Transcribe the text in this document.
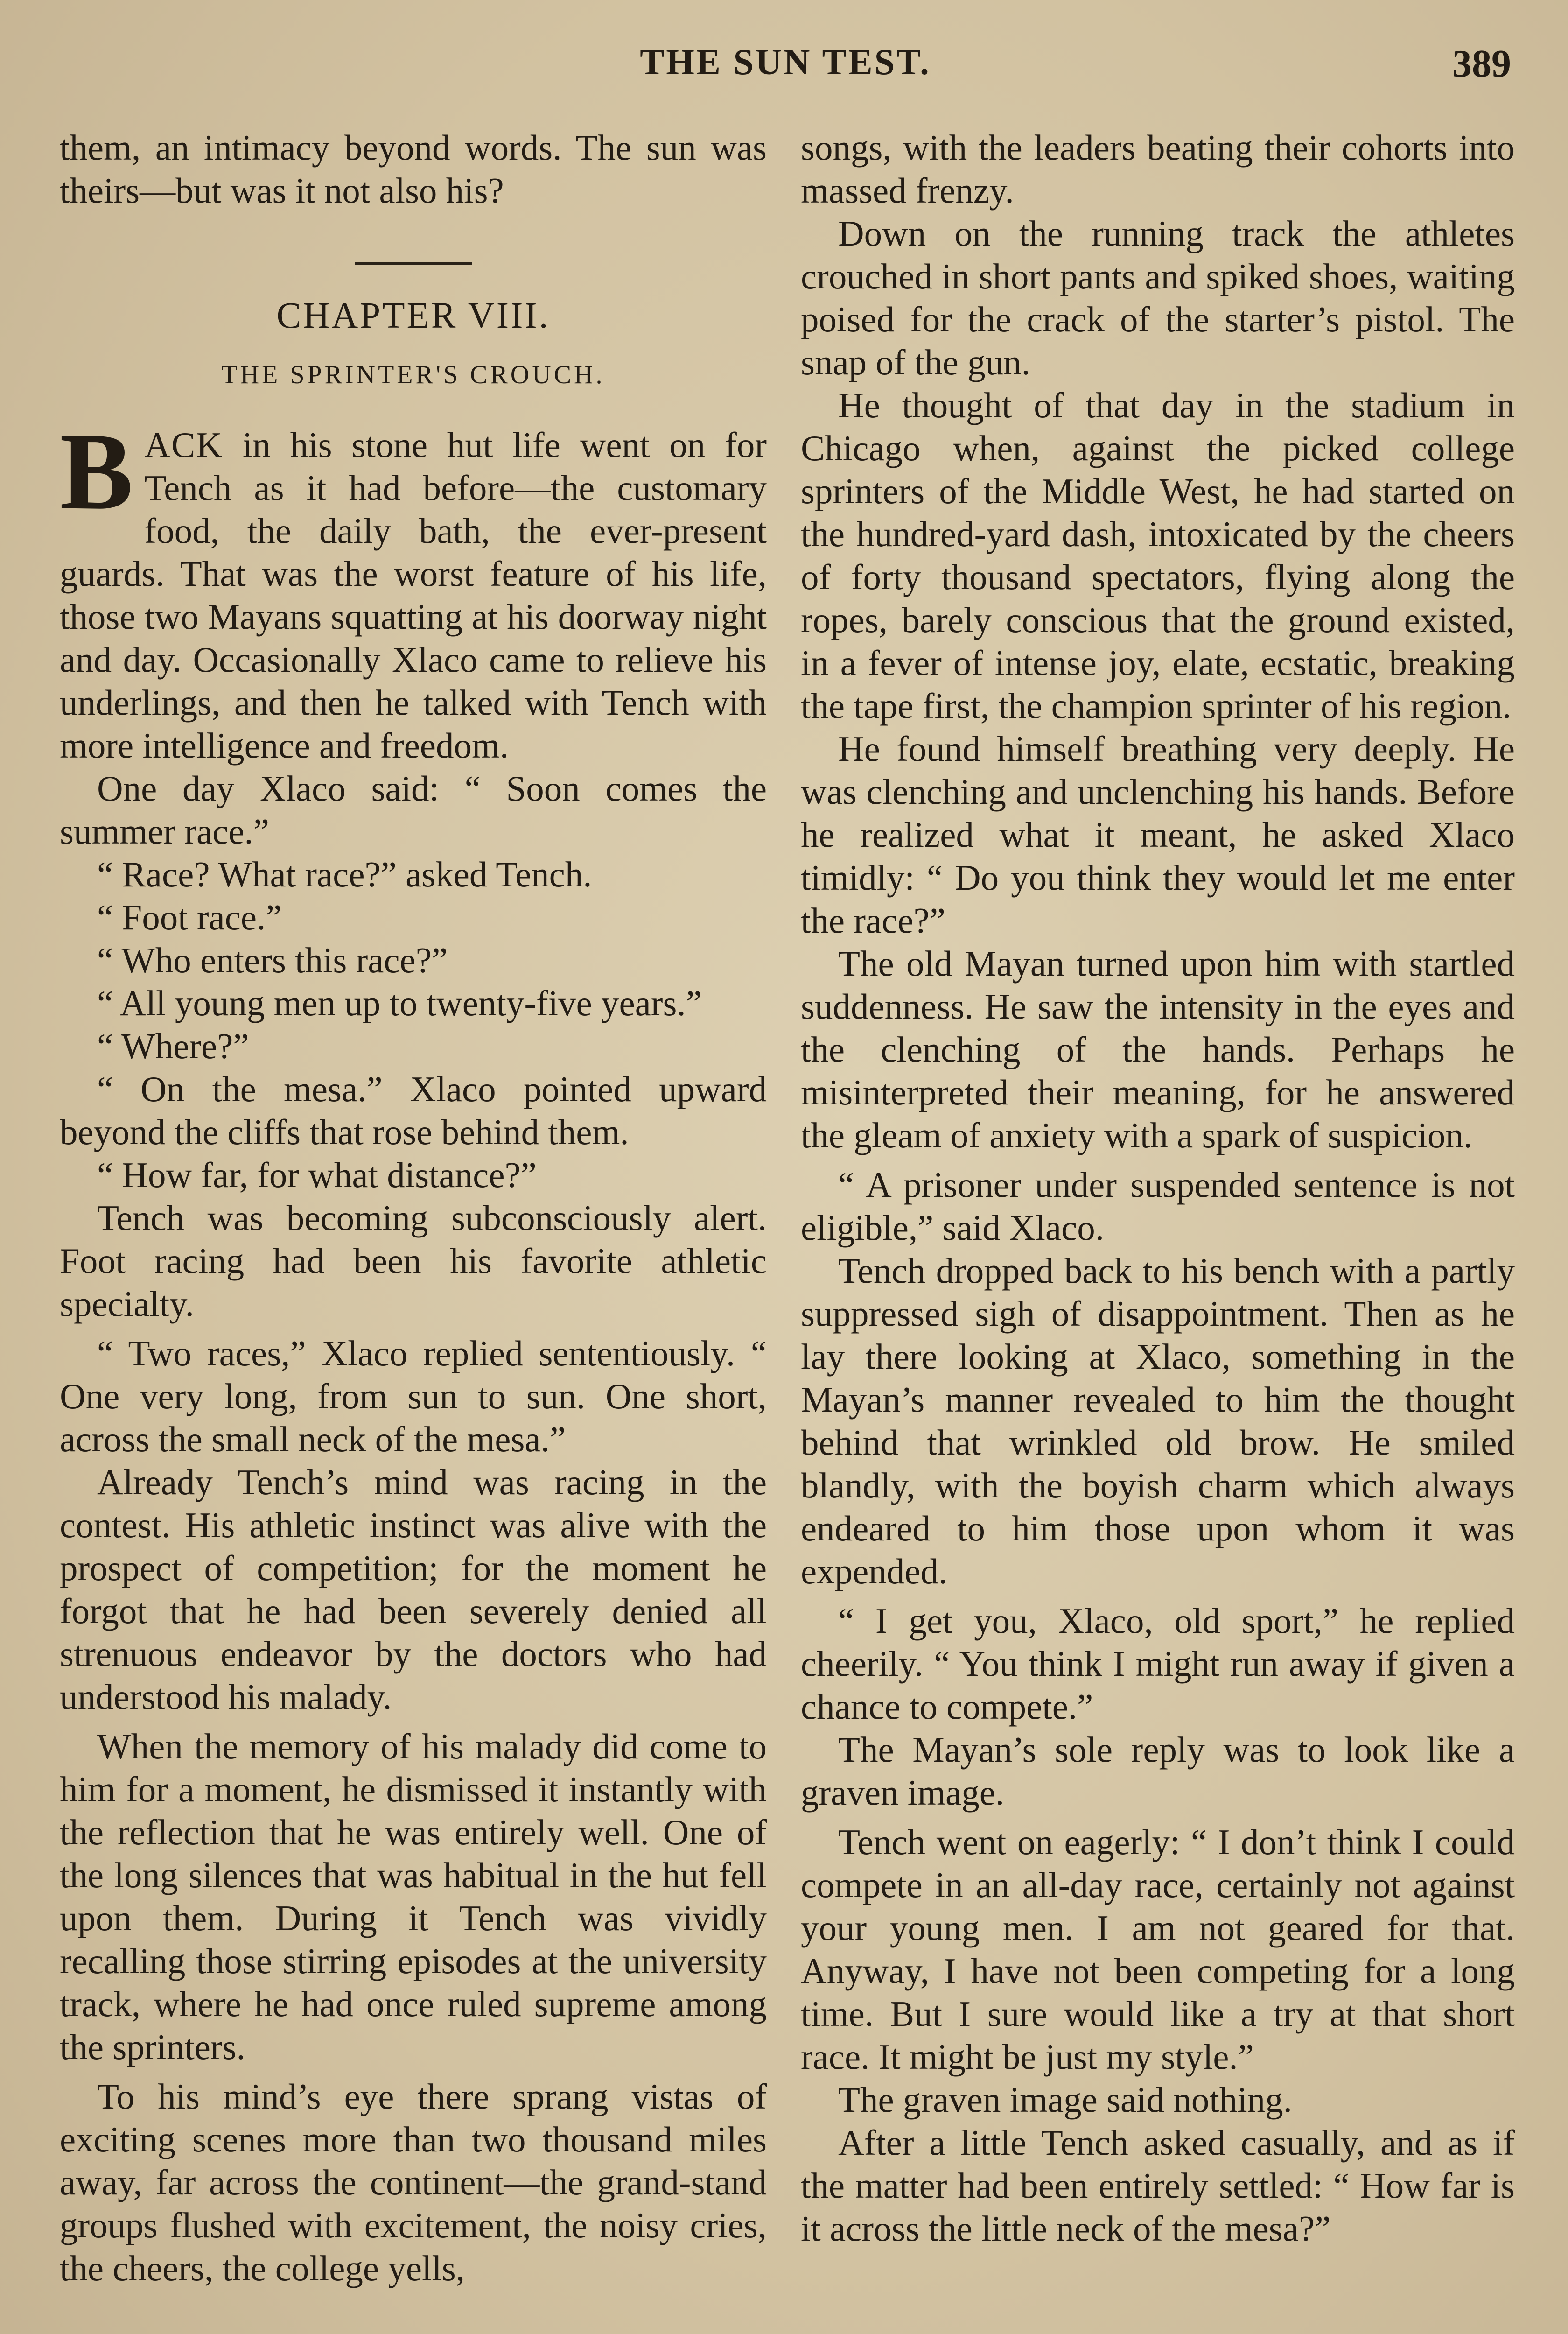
THE SUN TEST.	389

them, an intimacy beyond words. The sun was theirs—but was it not also his?

CHAPTER VIII.
THE SPRINTER'S CROUCH.

BACK in his stone hut life went on for Tench as it had before—the customary food, the daily bath, the ever-present guards. That was the worst feature of his life, those two Mayans squatting at his doorway night and day. Occasionally Xlaco came to relieve his underlings, and then he talked with Tench with more intelligence and freedom.

One day Xlaco said: “ Soon comes the summer race.”

“ Race? What race?” asked Tench.

“ Foot race.”

“ Who enters this race?”

“ All young men up to twenty-five years.”

“ Where?”

“ On the mesa.” Xlaco pointed upward beyond the cliffs that rose behind them.

“ How far, for what distance?”

Tench was becoming subconsciously alert. Foot racing had been his favorite athletic specialty.

“ Two races,” Xlaco replied sententiously. “ One very long, from sun to sun. One short, across the small neck of the mesa.”

Already Tench’s mind was racing in the contest. His athletic instinct was alive with the prospect of competition; for the moment he forgot that he had been severely denied all strenuous endeavor by the doctors who had understood his malady.

When the memory of his malady did come to him for a moment, he dismissed it instantly with the reflection that he was entirely well. One of the long silences that was habitual in the hut fell upon them. During it Tench was vividly recalling those stirring episodes at the university track, where he had once ruled supreme among the sprinters.

To his mind’s eye there sprang vistas of exciting scenes more than two thousand miles away, far across the continent—the grand-stand groups flushed with excitement, the noisy cries, the cheers, the college yells,

songs, with the leaders beating their cohorts into massed frenzy.

Down on the running track the athletes crouched in short pants and spiked shoes, waiting poised for the crack of the starter’s pistol. The snap of the gun.

He thought of that day in the stadium in Chicago when, against the picked college sprinters of the Middle West, he had started on the hundred-yard dash, intoxicated by the cheers of forty thousand spectators, flying along the ropes, barely conscious that the ground existed, in a fever of intense joy, elate, ecstatic, breaking the tape first, the champion sprinter of his region.

He found himself breathing very deeply. He was clenching and unclenching his hands. Before he realized what it meant, he asked Xlaco timidly: “ Do you think they would let me enter the race?”

The old Mayan turned upon him with startled suddenness. He saw the intensity in the eyes and the clenching of the hands. Perhaps he misinterpreted their meaning, for he answered the gleam of anxiety with a spark of suspicion.

“ A prisoner under suspended sentence is not eligible,” said Xlaco.

Tench dropped back to his bench with a partly suppressed sigh of disappointment. Then as he lay there looking at Xlaco, something in the Mayan’s manner revealed to him the thought behind that wrinkled old brow. He smiled blandly, with the boyish charm which always endeared to him those upon whom it was expended.

“ I get you, Xlaco, old sport,” he replied cheerily. “ You think I might run away if given a chance to compete.”

The Mayan’s sole reply was to look like a graven image.

Tench went on eagerly: “ I don’t think I could compete in an all-day race, certainly not against your young men. I am not geared for that. Anyway, I have not been competing for a long time. But I sure would like a try at that short race. It might be just my style.”

The graven image said nothing.

After a little Tench asked casually, and as if the matter had been entirely settled: “ How far is it across the little neck of the mesa?”
